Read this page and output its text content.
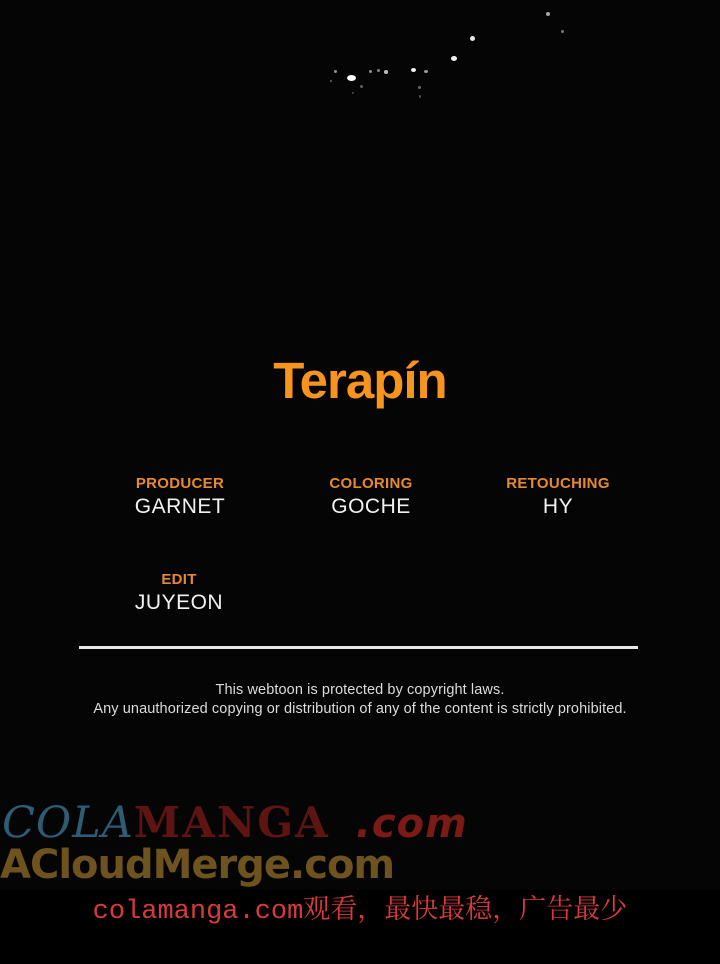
Terapín
PRODUCER
GARNET
COLORING
GOCHE
RETOUCHING
HY
EDIT
JUYEON
This webtoon is protected by copyright laws.
Any unauthorized copying or distribution of any of the content is strictly prohibited.
COLA MANGA .com
ACloudMerge.com
colamanga.com观看，最快最稳，广告最少
